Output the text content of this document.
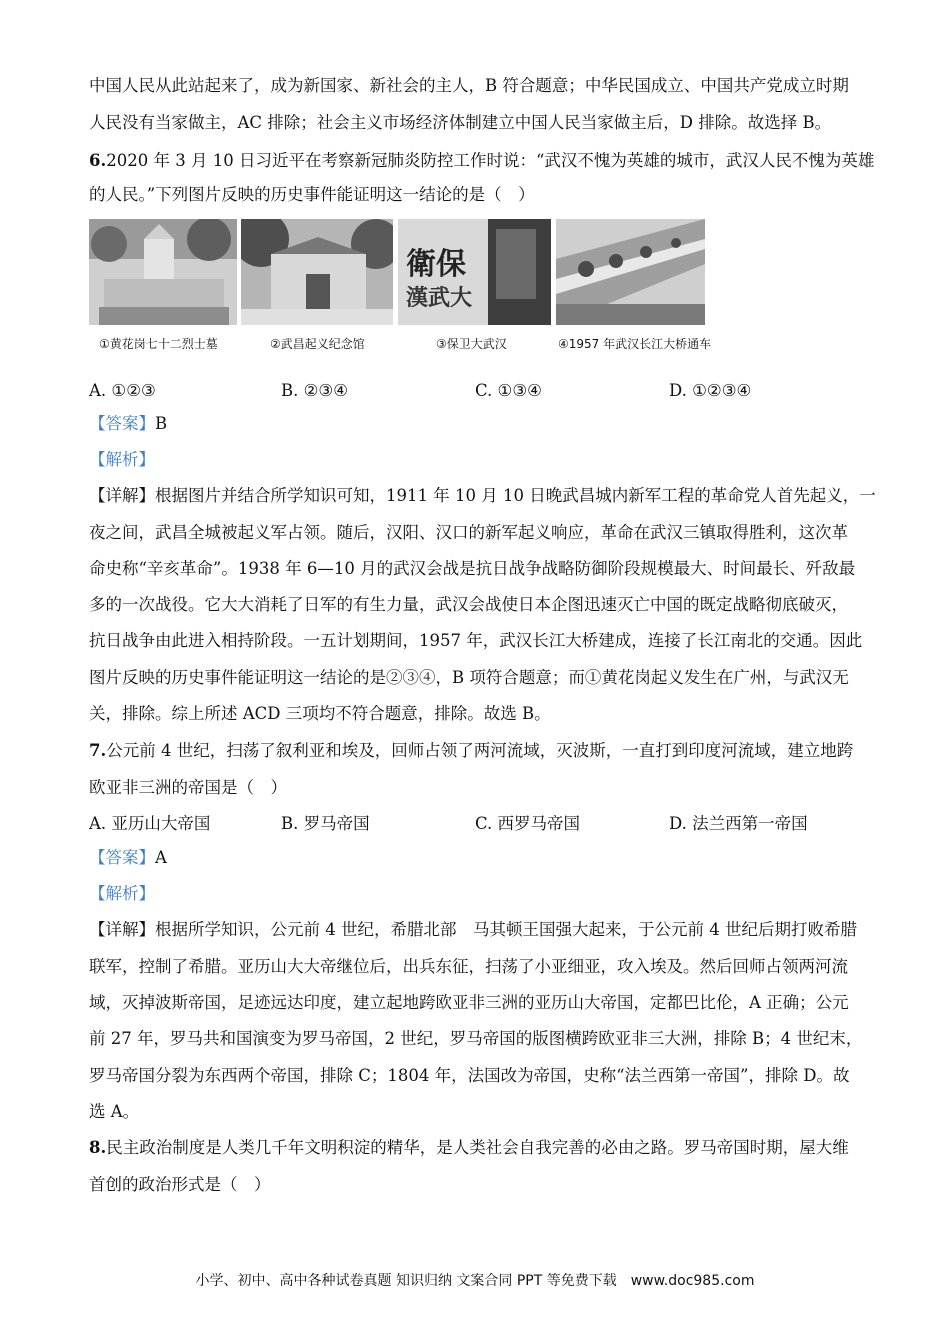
中国人民从此站起来了，成为新国家、新社会的主人，B 符合题意；中华民国成立、中国共产党成立时期
人民没有当家做主，AC 排除；社会主义市场经济体制建立中国人民当家做主后，D 排除。故选择 B。
6.2020 年 3 月 10 日习近平在考察新冠肺炎防控工作时说：“武汉不愧为英雄的城市，武汉人民不愧为英雄
的人民。”下列图片反映的历史事件能证明这一结论的是（　）
衛保
漢武大
①黄花岗七十二烈士墓	②武昌起义纪念馆	③保卫大武汉	④1957 年武汉长江大桥通车
A. ①②③	B. ②③④	C. ①③④	D. ①②③④
【答案】B
【解析】
【详解】根据图片并结合所学知识可知，1911 年 10 月 10 日晚武昌城内新军工程的革命党人首先起义，一
夜之间，武昌全城被起义军占领。随后，汉阳、汉口的新军起义响应，革命在武汉三镇取得胜利，这次革
命史称“辛亥革命”。1938 年 6—10 月的武汉会战是抗日战争战略防御阶段规模最大、时间最长、歼敌最
多的一次战役。它大大消耗了日军的有生力量，武汉会战使日本企图迅速灭亡中国的既定战略彻底破灭，
抗日战争由此进入相持阶段。一五计划期间，1957 年，武汉长江大桥建成，连接了长江南北的交通。因此
图片反映的历史事件能证明这一结论的是②③④，B 项符合题意；而①黄花岗起义发生在广州，与武汉无
关，排除。综上所述 ACD 三项均不符合题意，排除。故选 B。
7.公元前 4 世纪，扫荡了叙利亚和埃及，回师占领了两河流域，灭波斯，一直打到印度河流域，建立地跨
欧亚非三洲的帝国是（　）
A. 亚历山大帝国	B. 罗马帝国	C. 西罗马帝国	D. 法兰西第一帝国
【答案】A
【解析】
【详解】根据所学知识，公元前 4 世纪，希腊北部　马其顿王国强大起来，于公元前 4 世纪后期打败希腊
联军，控制了希腊。亚历山大大帝继位后，出兵东征，扫荡了小亚细亚，攻入埃及。然后回师占领两河流
域，灭掉波斯帝国，足迹远达印度，建立起地跨欧亚非三洲的亚历山大帝国，定都巴比伦，A 正确；公元
前 27 年，罗马共和国演变为罗马帝国，2 世纪，罗马帝国的版图横跨欧亚非三大洲，排除 B；4 世纪末，
罗马帝国分裂为东西两个帝国，排除 C；1804 年，法国改为帝国，史称“法兰西第一帝国”，排除 D。故
选 A。
8.民主政治制度是人类几千年文明积淀的精华，是人类社会自我完善的必由之路。罗马帝国时期，屋大维
首创的政治形式是（　）
小学、初中、高中各种试卷真题 知识归纳 文案合同 PPT 等免费下载　www.doc985.com
